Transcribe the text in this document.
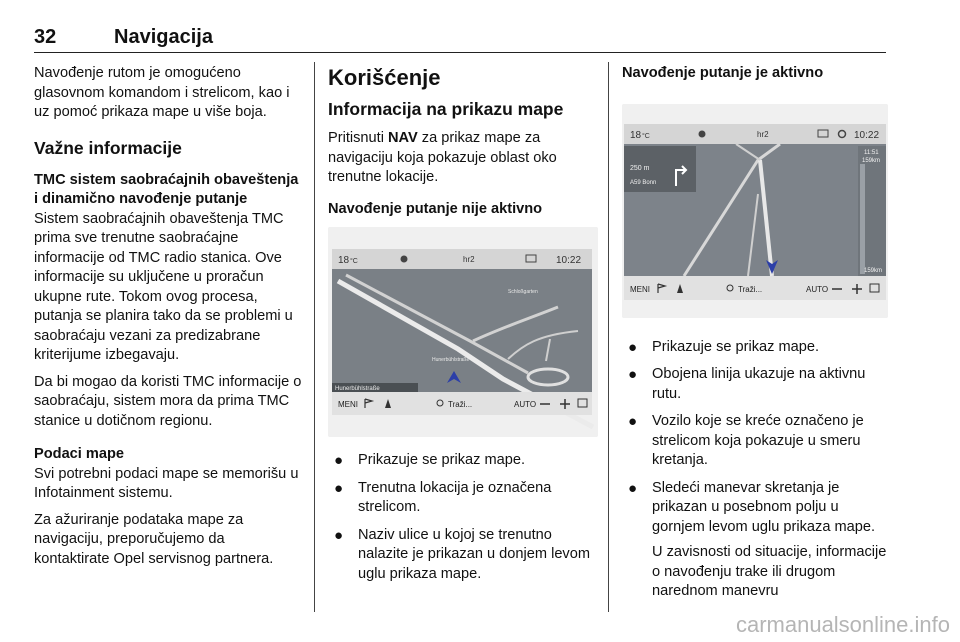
32	Navigacija

Navođenje rutom je omogućeno glasovnom komandom i strelicom, kao i uz pomoć prikaza mape u više boja.

Važne informacije
TMC sistem saobraćajnih obaveštenja i dinamično navođenje putanje

Sistem saobraćajnih obaveštenja TMC prima sve trenutne saobraćajne informacije od TMC radio stanica. Ove informacije su uključene u proračun ukupne rute. Tokom ovog procesa, putanja se planira tako da se problemi u saobraćaju vezani za predizabrane kriterijume izbegavaju.

Da bi mogao da koristi TMC informacije o saobraćaju, sistem mora da prima TMC stanice u dotičnom regionu.

Podaci mape

Svi potrebni podaci mape se memorišu u Infotainment sistemu.

Za ažuriranje podataka mape za navigaciju, preporučujemo da kontaktirate Opel servisnog partnera.

Korišćenje
Informacija na prikazu mape

Pritisnuti NAV za prikaz mape za navigaciju koja pokazuje oblast oko trenutne lokacije.

Navođenje putanje nije aktivno
18 °C	hr2	10:22
Schloßgarten
Hunerbühlstraße
Hunerbühlstraße
MENI	Traži...	AUTO
● Prikazuje se prikaz mape.
● Trenutna lokacija je označena strelicom.
● Naziv ulice u kojoj se trenutno nalazite je prikazan u donjem levom uglu prikaza mape.
Navođenje putanje je aktivno
18 °C	hr2	10:22
250 m
A59 Bonn
11:51
159km
159km
MENI	Traži...	AUTO
● Prikazuje se prikaz mape.
● Obojena linija ukazuje na aktivnu rutu.
● Vozilo koje se kreće označeno je strelicom koja pokazuje u smeru kretanja.
● Sledeći manevar skretanja je prikazan u posebnom polju u gornjem levom uglu prikaza mape.

U zavisnosti od situacije, informacije o navođenju trake ili drugom narednom manevru

carmanualsonline.info
